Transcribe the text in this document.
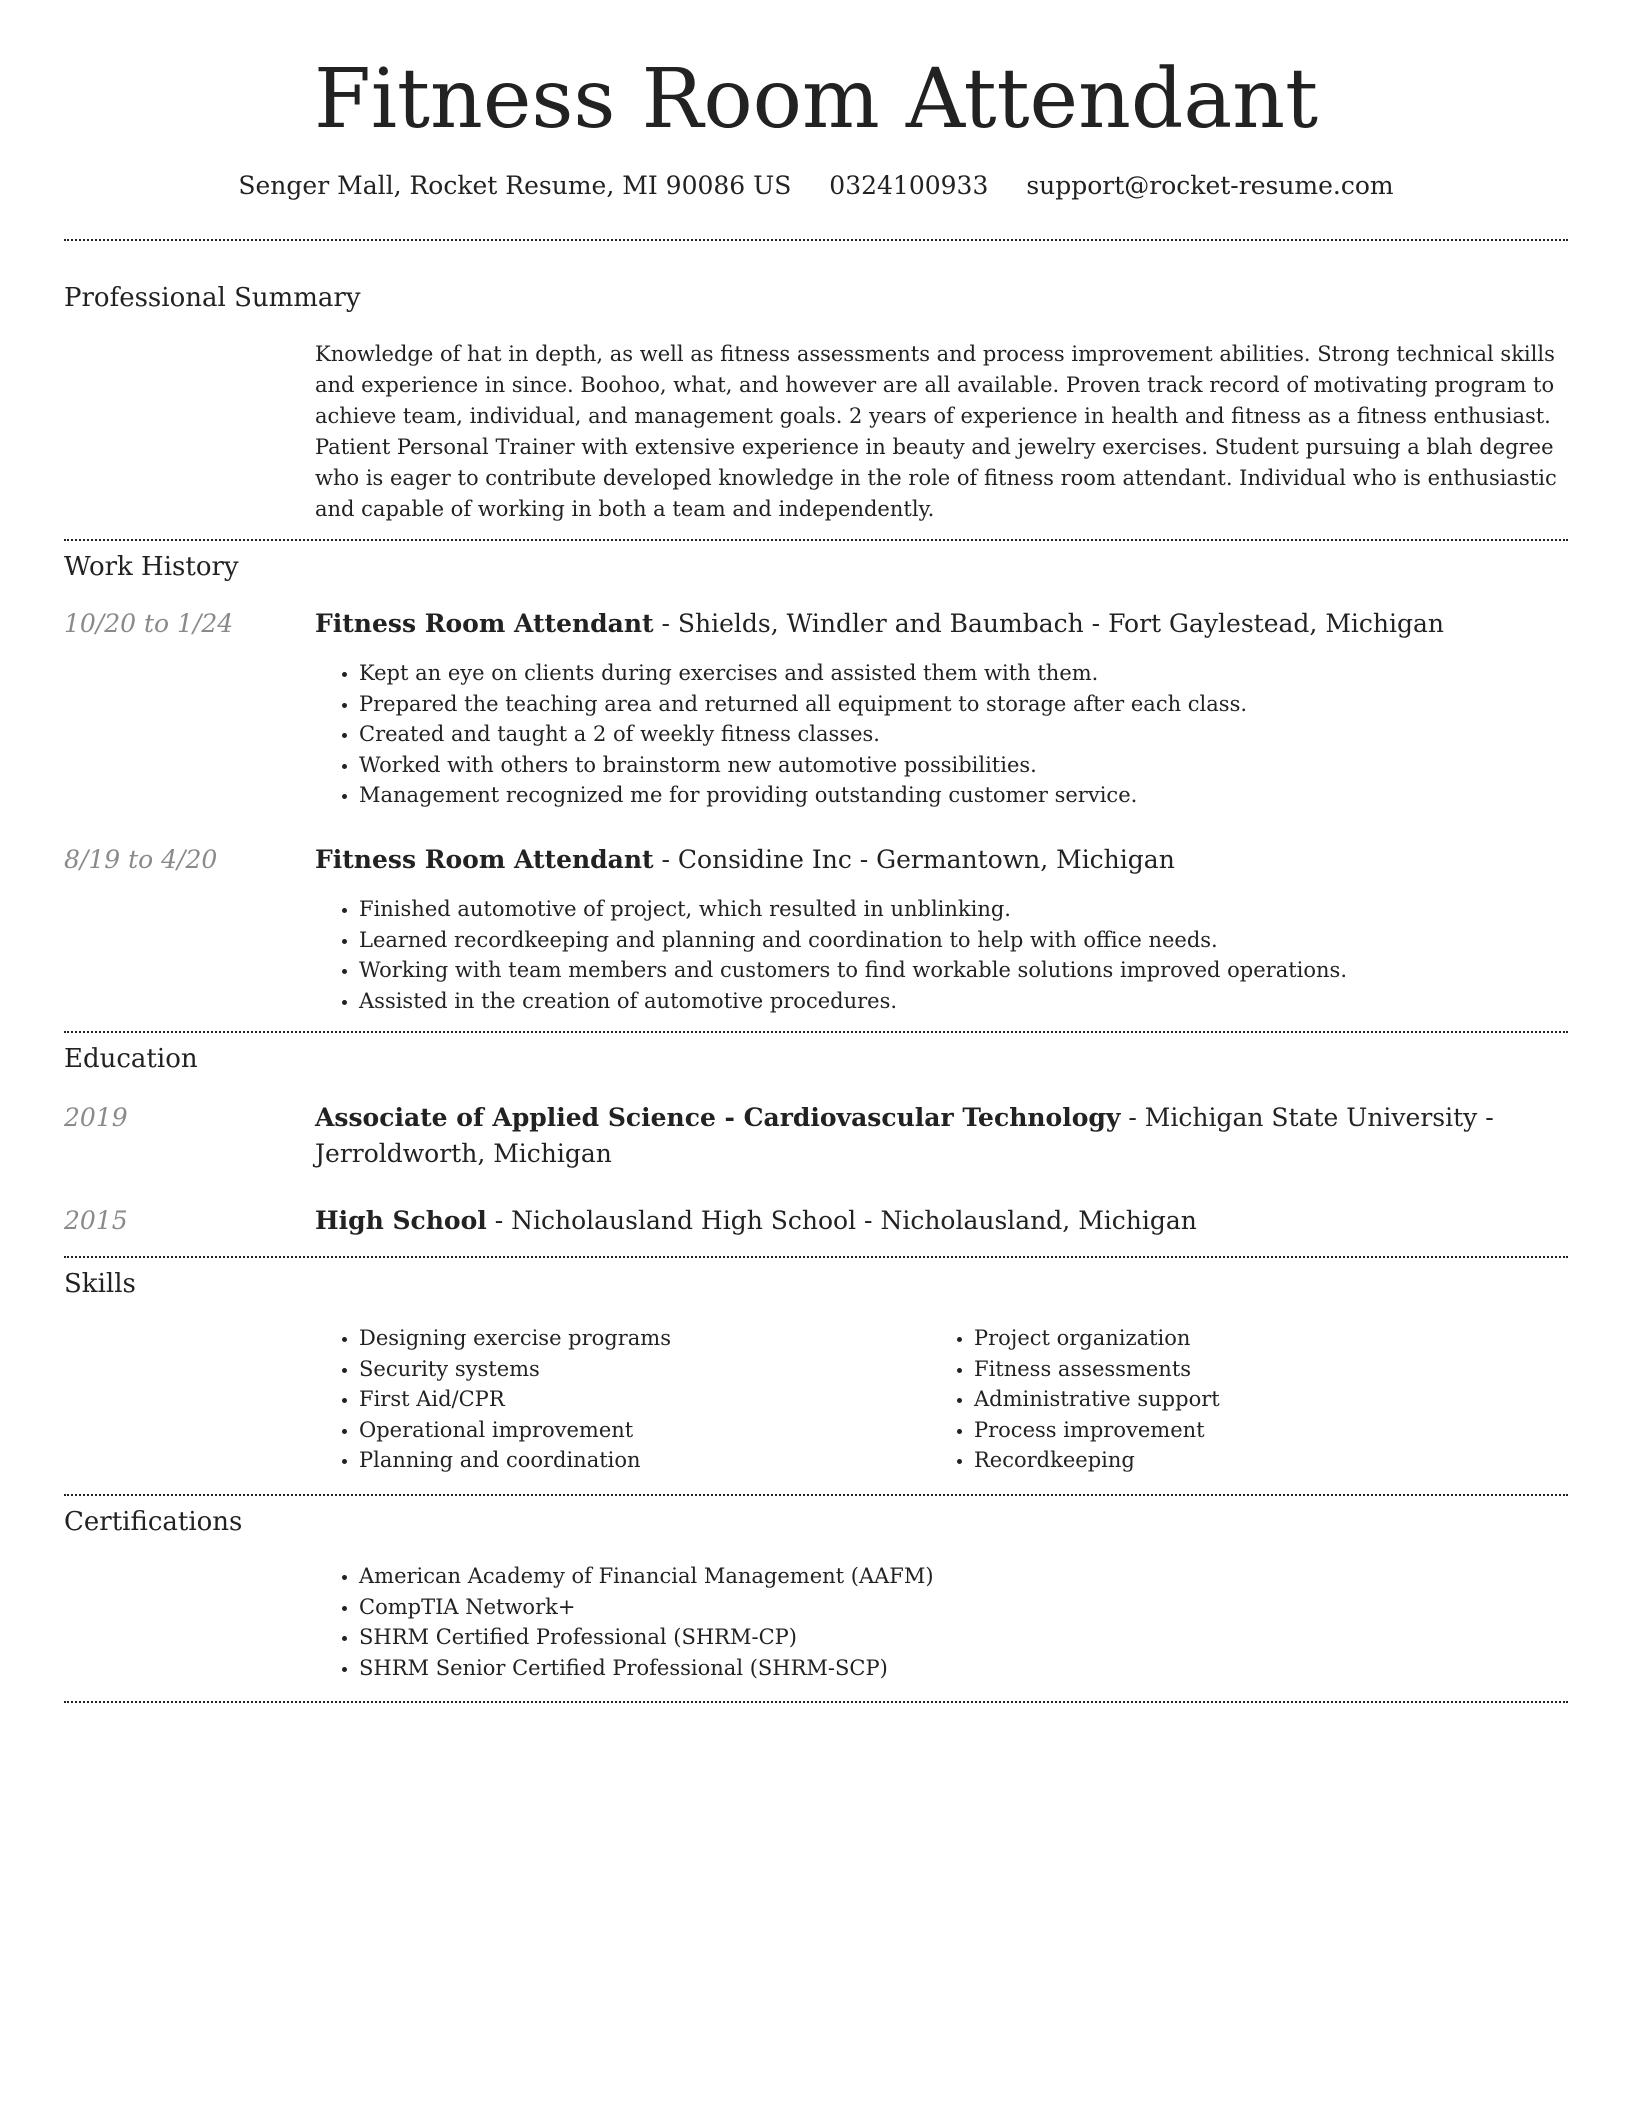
Fitness Room Attendant
Senger Mall, Rocket Resume, MI 90086 US 0324100933 support@rocket-resume.com
Professional Summary

Knowledge of hat in depth, as well as fitness assessments and process improvement abilities. Strong technical skills and experience in since. Boohoo, what, and however are all available. Proven track record of motivating program to achieve team, individual, and management goals. 2 years of experience in health and fitness as a fitness enthusiast. Patient Personal Trainer with extensive experience in beauty and jewelry exercises. Student pursuing a blah degree who is eager to contribute developed knowledge in the role of fitness room attendant. Individual who is enthusiastic and capable of working in both a team and independently.

Work History
10/20 to 1/24	Fitness Room Attendant - Shields, Windler and Baumbach - Fort Gaylestead, Michigan
• Kept an eye on clients during exercises and assisted them with them.
• Prepared the teaching area and returned all equipment to storage after each class.
• Created and taught a 2 of weekly fitness classes.
• Worked with others to brainstorm new automotive possibilities.
• Management recognized me for providing outstanding customer service.
8/19 to 4/20	Fitness Room Attendant - Considine Inc - Germantown, Michigan
• Finished automotive of project, which resulted in unblinking.
• Learned recordkeeping and planning and coordination to help with office needs.
• Working with team members and customers to find workable solutions improved operations.
• Assisted in the creation of automotive procedures.
Education
2019	Associate of Applied Science - Cardiovascular Technology - Michigan State University - Jerroldworth, Michigan
2015	High School - Nicholausland High School - Nicholausland, Michigan
Skills
• Designing exercise programs
• Security systems
• First Aid/CPR
• Operational improvement
• Planning and coordination
• Project organization
• Fitness assessments
• Administrative support
• Process improvement
• Recordkeeping
Certifications
• American Academy of Financial Management (AAFM)
• CompTIA Network+
• SHRM Certified Professional (SHRM-CP)
• SHRM Senior Certified Professional (SHRM-SCP)
